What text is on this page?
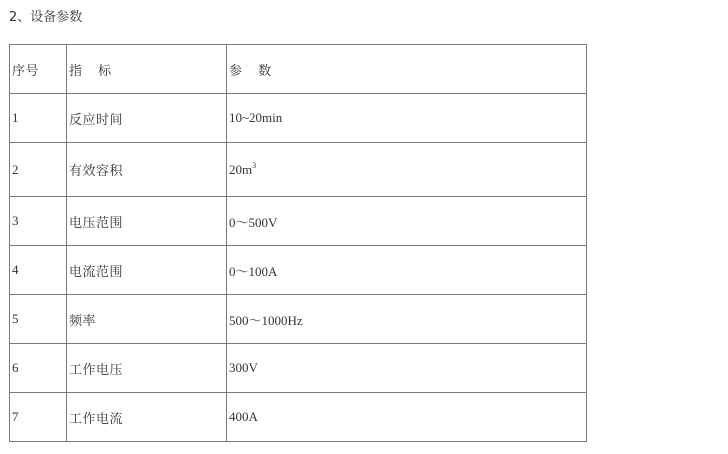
2、设备参数
序号	指 标	参 数
1	反应时间	10~20min
2	有效容积	$20m^3$
3	电压范围	0～500V
4	电流范围	0～100A
5	频率	500～1000Hz
6	工作电压	300V
7	工作电流	400A
